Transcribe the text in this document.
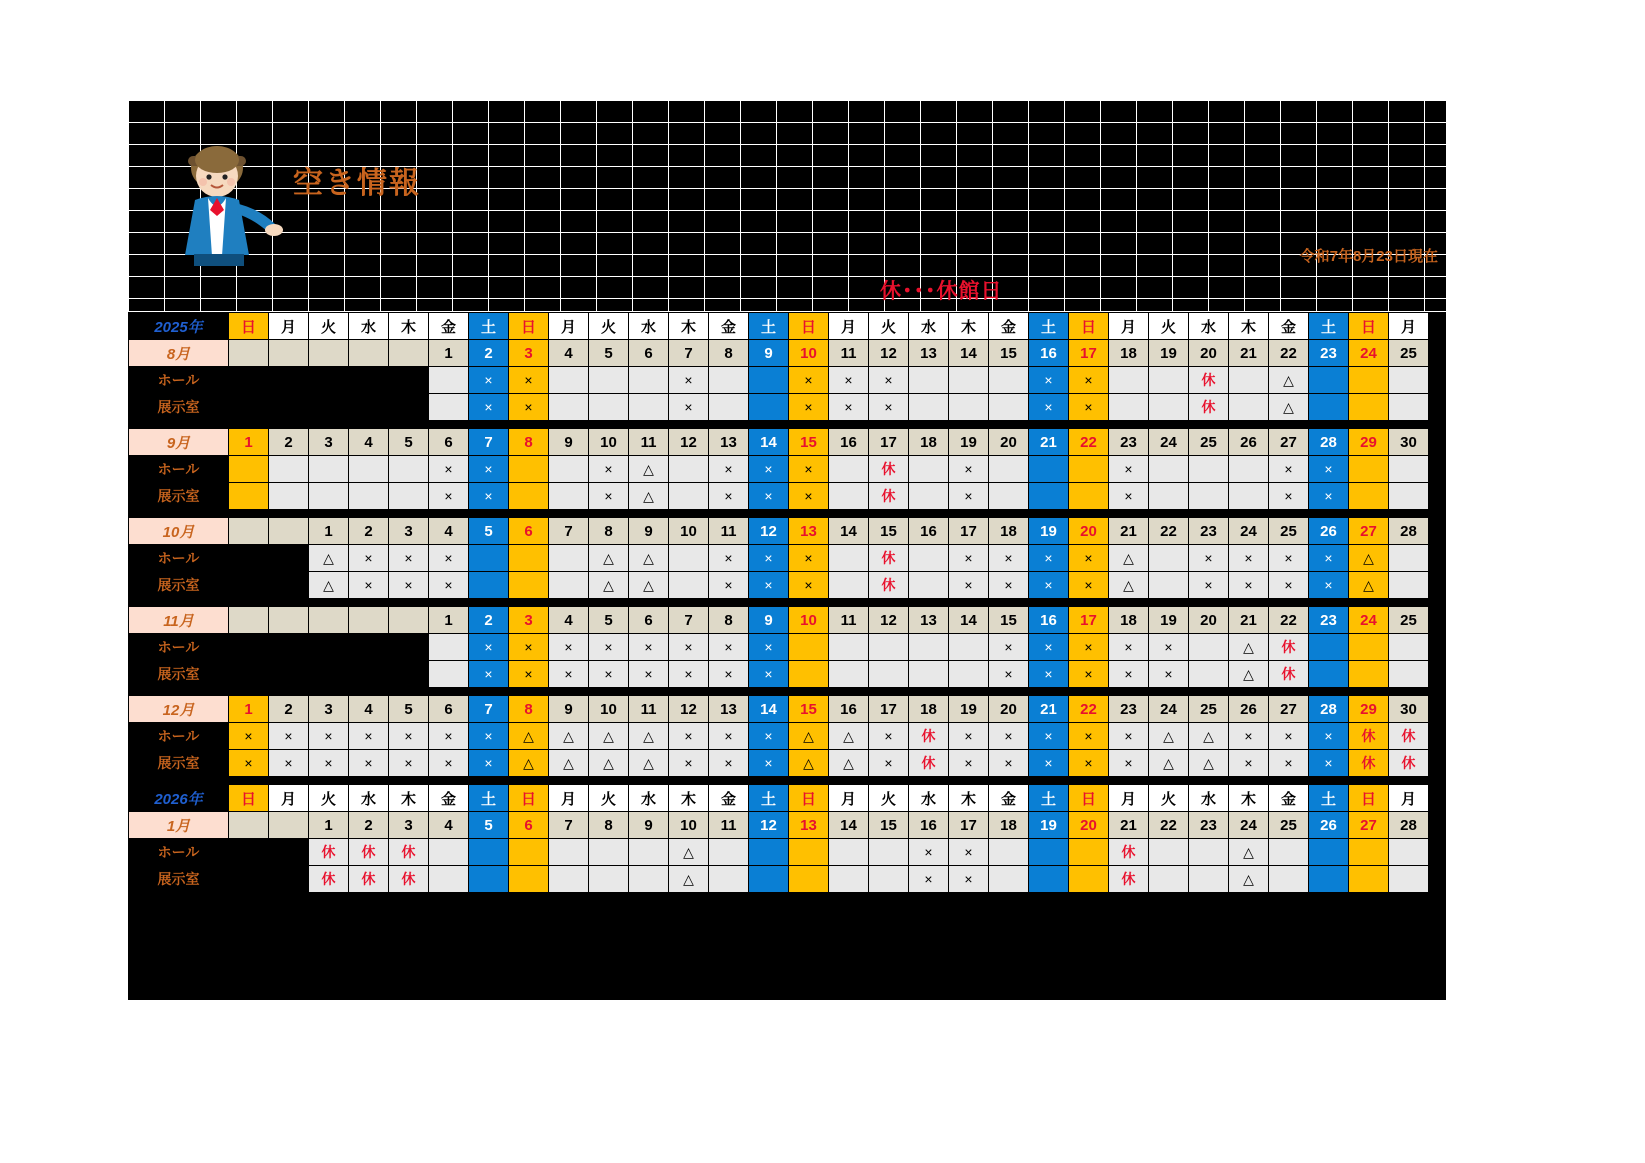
空き情報
令和7年8月23日現在
休･･･休館日
2025年	日	月	火	水	木	金	土	日	月	火	水	木	金	土	日	月	火	水	木	金	土	日	月	火	水	木	金	土	日	月
8月						1	2	3	4	5	6	7	8	9	10	11	12	13	14	15	16	17	18	19	20	21	22	23	24	25
ホール							×	×				×			×	×	×				×	×			休		△			
展示室							×	×				×			×	×	×				×	×			休		△			

9月	1	2	3	4	5	6	7	8	9	10	11	12	13	14	15	16	17	18	19	20	21	22	23	24	25	26	27	28	29	30
ホール						×	×			×	△		×	×	×		休		×				×				×	×		
展示室						×	×			×	△		×	×	×		休		×				×				×	×		

10月			1	2	3	4	5	6	7	8	9	10	11	12	13	14	15	16	17	18	19	20	21	22	23	24	25	26	27	28
ホール			△	×	×	×				△	△		×	×	×		休		×	×	×	×	△		×	×	×	×	△	
展示室			△	×	×	×				△	△		×	×	×		休		×	×	×	×	△		×	×	×	×	△	

11月						1	2	3	4	5	6	7	8	9	10	11	12	13	14	15	16	17	18	19	20	21	22	23	24	25
ホール							×	×	×	×	×	×	×	×						×	×	×	×	×		△	休			
展示室							×	×	×	×	×	×	×	×						×	×	×	×	×		△	休			

12月	1	2	3	4	5	6	7	8	9	10	11	12	13	14	15	16	17	18	19	20	21	22	23	24	25	26	27	28	29	30
ホール	×	×	×	×	×	×	×	△	△	△	△	×	×	×	△	△	×	休	×	×	×	×	×	△	△	×	×	×	休	休
展示室	×	×	×	×	×	×	×	△	△	△	△	×	×	×	△	△	×	休	×	×	×	×	×	△	△	×	×	×	休	休

2026年	日	月	火	水	木	金	土	日	月	火	水	木	金	土	日	月	火	水	木	金	土	日	月	火	水	木	金	土	日	月
1月			1	2	3	4	5	6	7	8	9	10	11	12	13	14	15	16	17	18	19	20	21	22	23	24	25	26	27	28
ホール			休	休	休							△						×	×				休			△				
展示室			休	休	休							△						×	×				休			△				
